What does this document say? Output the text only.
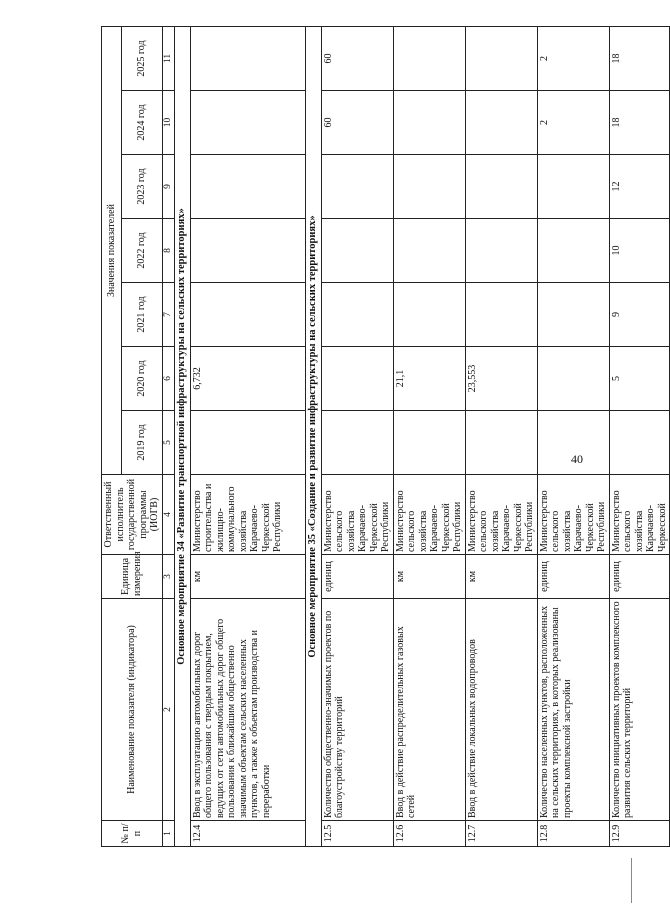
№ п/п	Наименование показателя (индикатора)	Единица измерения	Ответственный исполнитель государственной программы (ИОГВ)	Значения показателей						
				2019 год	2020 год	2021 год	2022 год	2023 год	2024 год	2025 год
1	2	3	4	5	6	7	8	9	10	11
Основное мероприятие 34 «Развитие транспортной инфраструктуры на сельских территориях»										
12.4	Ввод в эксплуатацию автомобильных дорог общего пользования с твердым покрытием, ведущих от сети автомобильных дорог общего пользования к ближайшим общественно значимым объектам сельских населенных пунктов, а также к объектам производства и переработки	км	Министерство строительства и жилищно-коммунального хозяйства Карачаево-Черкесской Республики		6,732					
Основное мероприятие 35 «Создание и развитие инфраструктуры на сельских территориях»										
12.5	Количество общественно-значимых проектов по благоустройству территорий	единиц	Министерство сельского хозяйства Карачаево-Черкесской Республики						60	60
12.6	Ввод в действие распределительных газовых сетей	км	Министерство сельского хозяйства Карачаево-Черкесской Республики		21,1					
12.7	Ввод в действие локальных водопроводов	км	Министерство сельского хозяйства Карачаево-Черкесской Республики		23,553					
12.8	Количество населенных пунктов, расположенных на сельских территориях, в которых реализованы проекты комплексной застройки	единиц	Министерство сельского хозяйства Карачаево-Черкесской Республики						2	2
12.9	Количество инициативных проектов комплексного развития сельских территорий	единиц	Министерство сельского хозяйства Карачаево-Черкесской		5	9	10	12	18	18
40
